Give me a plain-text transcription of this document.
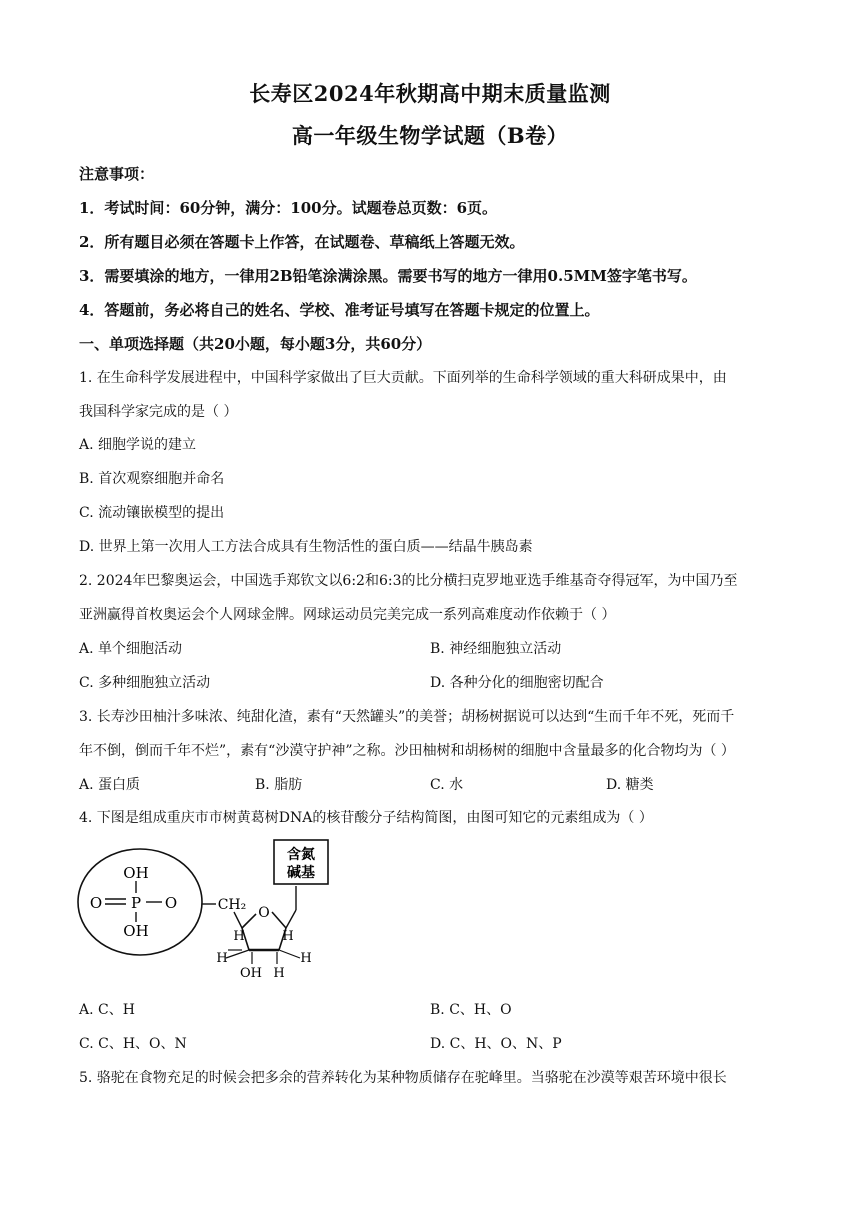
长寿区2024年秋期高中期末质量监测
高一年级生物学试题（B卷）
注意事项：
1．考试时间：60分钟，满分：100分。试题卷总页数：6页。
2．所有题目必须在答题卡上作答，在试题卷、草稿纸上答题无效。
3．需要填涂的地方，一律用2B铅笔涂满涂黑。需要书写的地方一律用0.5MM签字笔书写。
4．答题前，务必将自己的姓名、学校、准考证号填写在答题卡规定的位置上。
一、单项选择题（共20小题，每小题3分，共60分）
1. 在生命科学发展进程中，中国科学家做出了巨大贡献。下面列举的生命科学领域的重大科研成果中，由
我国科学家完成的是（ ）
A. 细胞学说的建立
B. 首次观察细胞并命名
C. 流动镶嵌模型的提出
D. 世界上第一次用人工方法合成具有生物活性的蛋白质——结晶牛胰岛素
2. 2024年巴黎奥运会，中国选手郑钦文以6:2和6:3的比分横扫克罗地亚选手维基奇夺得冠军，为中国乃至
亚洲赢得首枚奥运会个人网球金牌。网球运动员完美完成一系列高难度动作依赖于（ ）
A. 单个细胞活动	B. 神经细胞独立活动
C. 多种细胞独立活动	D. 各种分化的细胞密切配合
3. 长寿沙田柚汁多味浓、纯甜化渣，素有“天然罐头”的美誉；胡杨树据说可以达到“生而千年不死，死而千
年不倒，倒而千年不烂”，素有“沙漠守护神”之称。沙田柚树和胡杨树的细胞中含量最多的化合物均为（ ）
A. 蛋白质	B. 脂肪	C. 水	D. 糖类
4. 下图是组成重庆市市树黄葛树DNA的核苷酸分子结构简图，由图可知它的元素组成为（ ）
OH
O P O
OH
CH₂ O
H	H
H	H
OH H
含氮
碱基
A. C、H	B. C、H、O
C. C、H、O、N	D. C、H、O、N、P
5. 骆驼在食物充足的时候会把多余的营养转化为某种物质储存在驼峰里。当骆驼在沙漠等艰苦环境中很长
